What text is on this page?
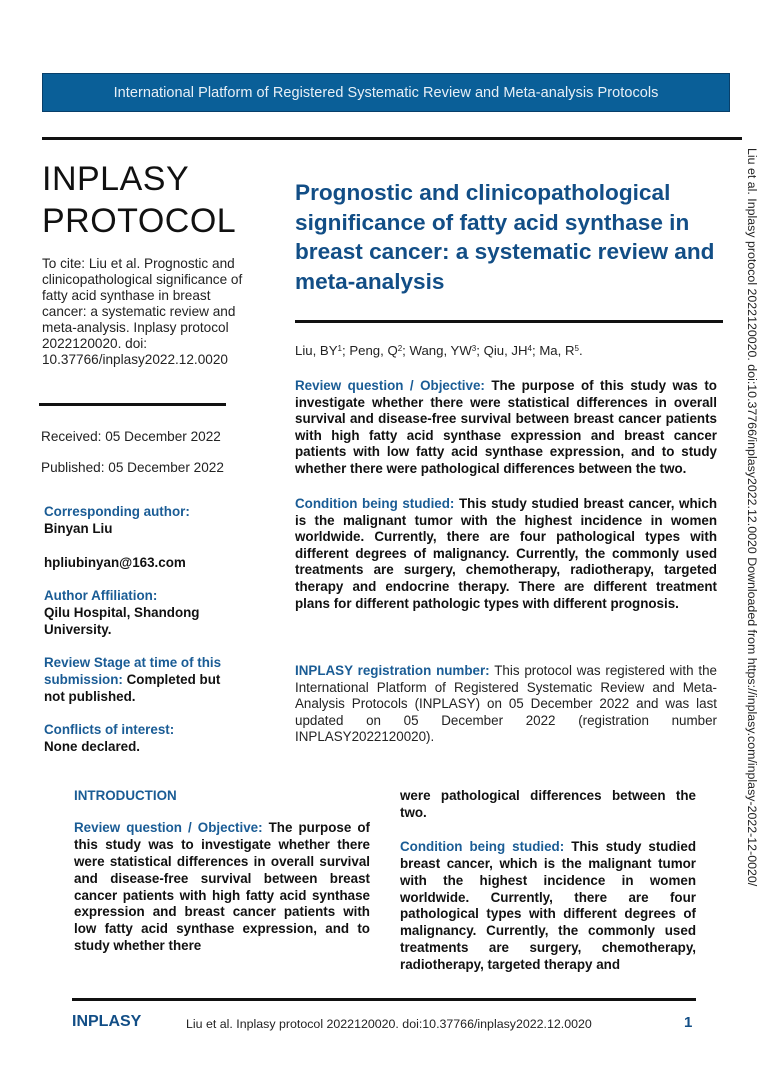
International Platform of Registered Systematic Review and Meta-analysis Protocols
INPLASY
PROTOCOL
To cite: Liu et al. Prognostic and clinicopathological significance of fatty acid synthase in breast cancer: a systematic review and meta-analysis. Inplasy protocol 2022120020. doi: 10.37766/inplasy2022.12.0020
Received: 05 December 2022
Published: 05 December 2022
Corresponding author:
Binyan Liu
hpliubinyan@163.com
Author Affiliation:
Qilu Hospital, Shandong University.
Review Stage at time of this submission: Completed but not published.
Conflicts of interest:
None declared.
Prognostic and clinicopathological significance of fatty acid synthase in breast cancer: a systematic review and meta-analysis
Liu, $BY^1$; Peng, $Q^2$; Wang, $YW^3$; Qiu, $JH^4$; Ma, $R^5$.
Review question / Objective: The purpose of this study was to investigate whether there were statistical differences in overall survival and disease-free survival between breast cancer patients with high fatty acid synthase expression and breast cancer patients with low fatty acid synthase expression, and to study whether there were pathological differences between the two.
Condition being studied: This study studied breast cancer, which is the malignant tumor with the highest incidence in women worldwide. Currently, there are four pathological types with different degrees of malignancy. Currently, the commonly used treatments are surgery, chemotherapy, radiotherapy, targeted therapy and endocrine therapy. There are different treatment plans for different pathologic types with different prognosis.
INPLASY registration number: This protocol was registered with the International Platform of Registered Systematic Review and Meta-Analysis Protocols (INPLASY) on 05 December 2022 and was last updated on 05 December 2022 (registration number INPLASY2022120020).
INTRODUCTION
Review question / Objective: The purpose of this study was to investigate whether there were statistical differences in overall survival and disease-free survival between breast cancer patients with high fatty acid synthase expression and breast cancer patients with low fatty acid synthase expression, and to study whether there
were pathological differences between the two.
Condition being studied: This study studied breast cancer, which is the malignant tumor with the highest incidence in women worldwide. Currently, there are four pathological types with different degrees of malignancy. Currently, the commonly used treatments are surgery, chemotherapy, radiotherapy, targeted therapy and
INPLASY	Liu et al. Inplasy protocol 2022120020. doi:10.37766/inplasy2022.12.0020	1
Liu et al. Inplasy protocol 2022120020. doi:10.37766/inplasy2022.12.0020 Downloaded from https://inplasy.com/inplasy-2022-12-0020/
